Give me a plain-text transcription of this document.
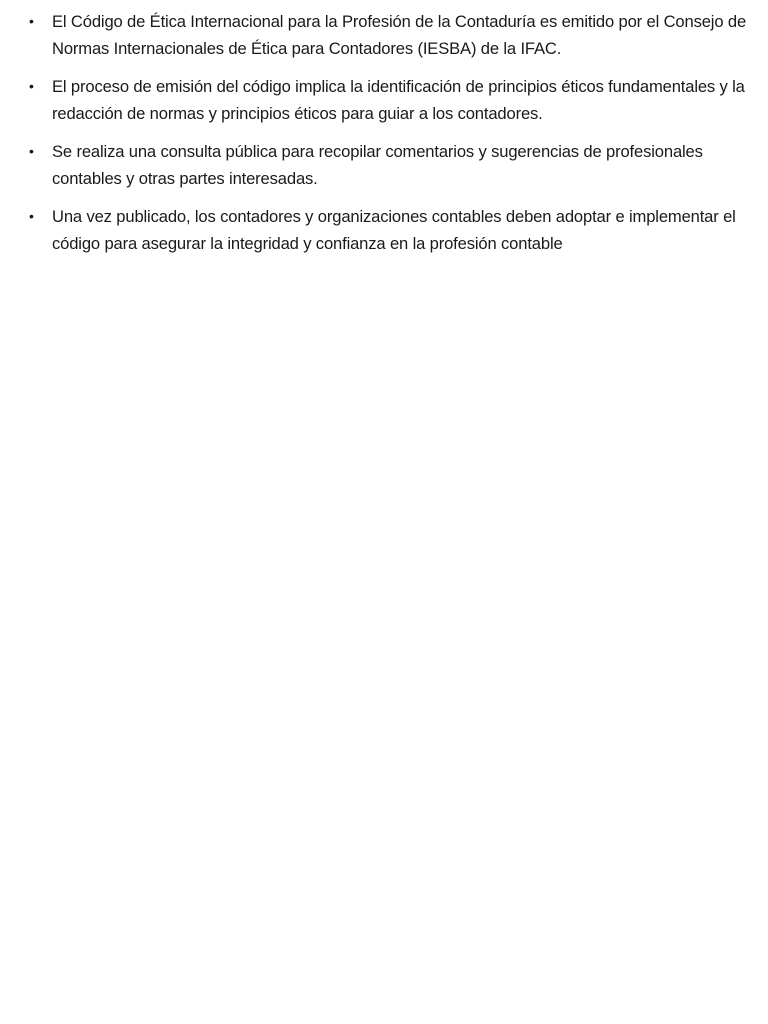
•	El Código de Ética Internacional para la Profesión de la Contaduría es emitido por el Consejo de Normas Internacionales de Ética para Contadores (IESBA) de la IFAC.
•	El proceso de emisión del código implica la identificación de principios éticos fundamentales y la redacción de normas y principios éticos para guiar a los contadores.
•	Se realiza una consulta pública para recopilar comentarios y sugerencias de profesionales contables y otras partes interesadas.
•	Una vez publicado, los contadores y organizaciones contables deben adoptar e implementar el código para asegurar la integridad y confianza en la profesión contable
